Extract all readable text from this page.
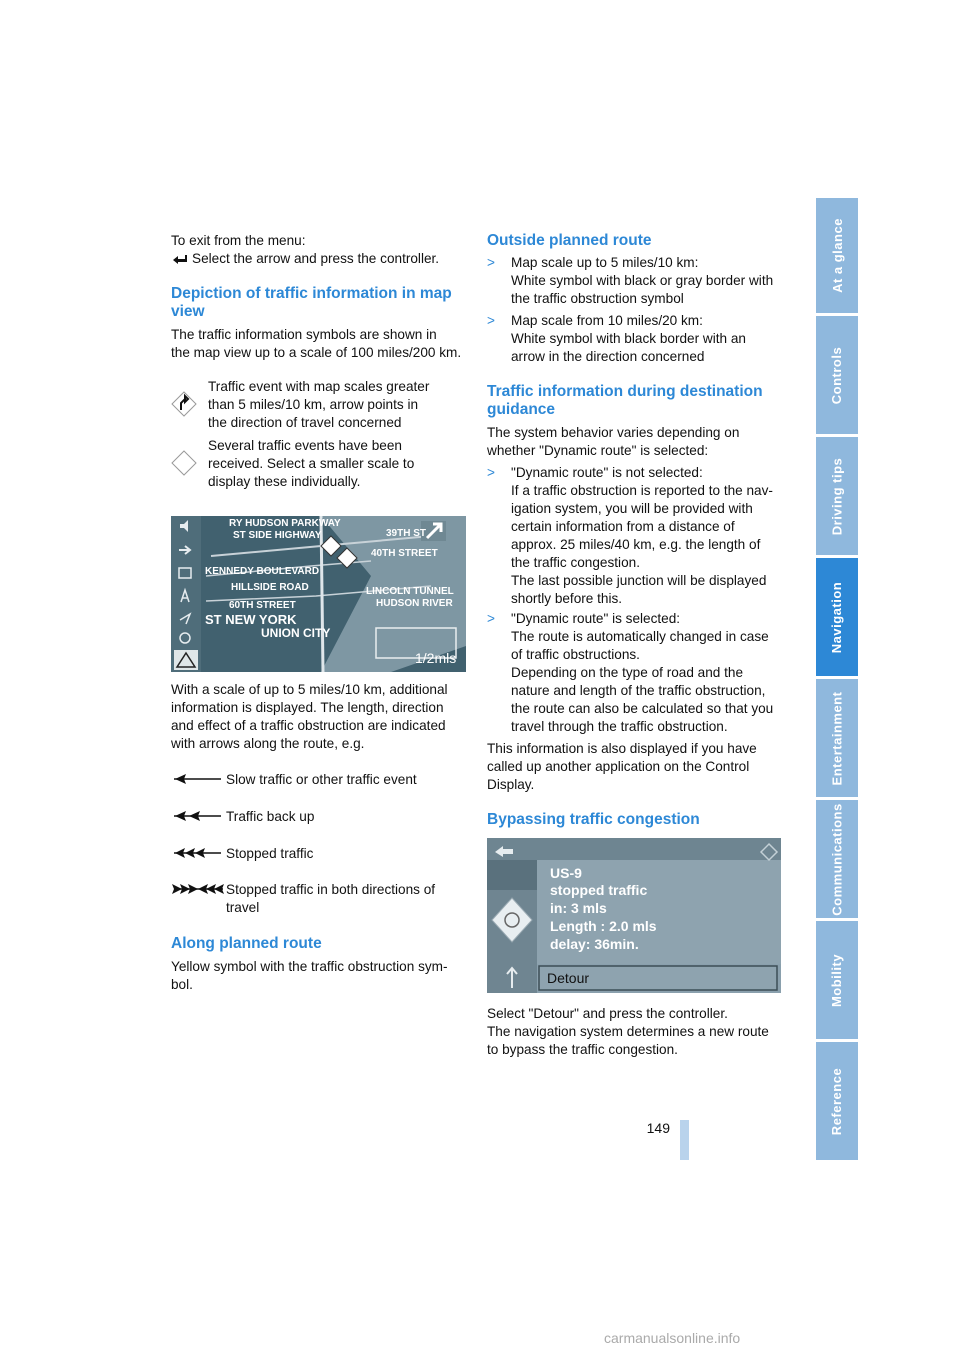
To exit from the menu:
Select the arrow and press the controller.
Depiction of traffic information in map view
The traffic information symbols are shown in
the map view up to a scale of 100 miles/200 km.
Traffic event with map scales greater
than 5 miles/10 km, arrow points in
the direction of travel concerned
Several traffic events have been
received. Select a smaller scale to
display these individually.
RY HUDSON PARKWAY
39TH ST
ST SIDE HIGHWAY
40TH STREET
KENNEDY BOULEVARD
HILLSIDE ROAD	LINCOLN TUNNEL
HUDSON RIVER
60TH STREET
ST NEW YORK
UNION CITY
1/2mls
With a scale of up to 5 miles/10 km, additional
information is displayed. The length, direction
and effect of a traffic obstruction are indicated
with arrows along the route, e.g.
Slow traffic or other traffic event
Traffic back up
Stopped traffic
Stopped traffic in both directions of
travel
Along planned route
Yellow symbol with the traffic obstruction sym-
bol.
Outside planned route
> Map scale up to 5 miles/10 km:
White symbol with black or gray border with
the traffic obstruction symbol
> Map scale from 10 miles/20 km:
White symbol with black border with an
arrow in the direction concerned
Traffic information during destination guidance
The system behavior varies depending on
whether "Dynamic route" is selected:
> "Dynamic route" is not selected:
If a traffic obstruction is reported to the nav-
igation system, you will be provided with
certain information from a distance of
approx. 25 miles/40 km, e.g. the length of
the traffic congestion.
The last possible junction will be displayed
shortly before this.
> "Dynamic route" is selected:
The route is automatically changed in case
of traffic obstructions.
Depending on the type of road and the
nature and length of the traffic obstruction,
the route can also be calculated so that you
travel through the traffic obstruction.
This information is also displayed if you have
called up another application on the Control
Display.
Bypassing traffic congestion
US-9
stopped traffic
in: 3 mls
Length : 2.0 mls
delay: 36min.
Detour
Select "Detour" and press the controller.
The navigation system determines a new route
to bypass the traffic congestion.
At a glance
Controls
Driving tips
Navigation
Entertainment
Communications
Mobility
Reference
149
carmanualsonline.info
